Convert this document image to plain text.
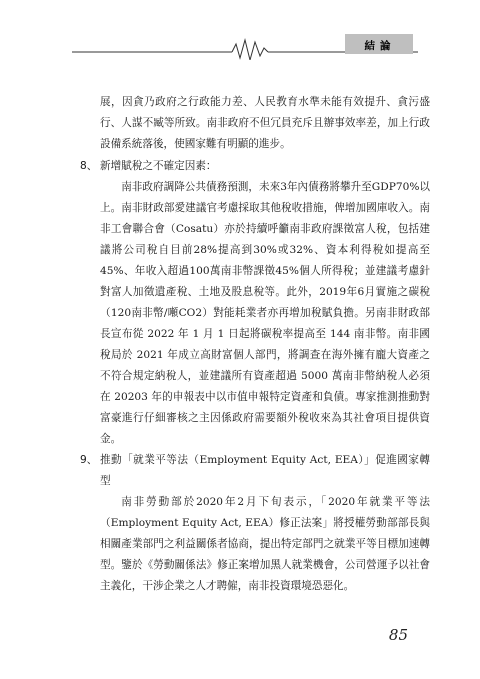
結論

展，因貪乃政府之行政能力差、人民教育水準未能有效提升、貪污盛行、人謀不臧等所致。南非政府不但冗員充斥且辦事效率差，加上行政設備系統落後，使國家難有明顯的進步。

8、 新增賦稅之不確定因素：

南非政府調降公共債務預測，未來3年內債務將攀升至GDP70%以上。南非財政部愛建議官考慮採取其他稅收措施，俾增加國庫收入。南非工會聯合會（Cosatu）亦於持續呼籲南非政府課徵富人稅，包括建議將公司稅自目前28%提高到30%或32%、資本利得稅如提高至45%、年收入超過100萬南非幣課徵45%個人所得稅；並建議考慮針對富人加徵遺產稅、土地及股息稅等。此外，2019年6月實施之碳稅（120南非幣/噸CO2）對能耗業者亦再增加稅賦負擔。另南非財政部長宣布從 2022 年 1 月 1 日起將碳稅率提高至 144 南非幣。南非國稅局於 2021 年成立高財富個人部門，將調查在海外擁有龐大資產之不符合規定納稅人，並建議所有資產超過 5000 萬南非幣納稅人必須在 20203 年的申報表中以市值申報特定資產和負債。專家推測推動對富豪進行仔細審核之主因係政府需要額外稅收來為其社會項目提供資金。

9、 推動「就業平等法（Employment Equity Act, EEA）」促進國家轉型

南非勞動部於2020年2月下旬表示，「2020年就業平等法（Employment Equity Act, EEA）修正法案」將授權勞動部部長與相關產業部門之利益關係者協商，提出特定部門之就業平等目標加速轉型。鑒於《勞動關係法》修正案增加黑人就業機會，公司營運予以社會主義化，干涉企業之人才聘僱，南非投資環境恐惡化。

85
